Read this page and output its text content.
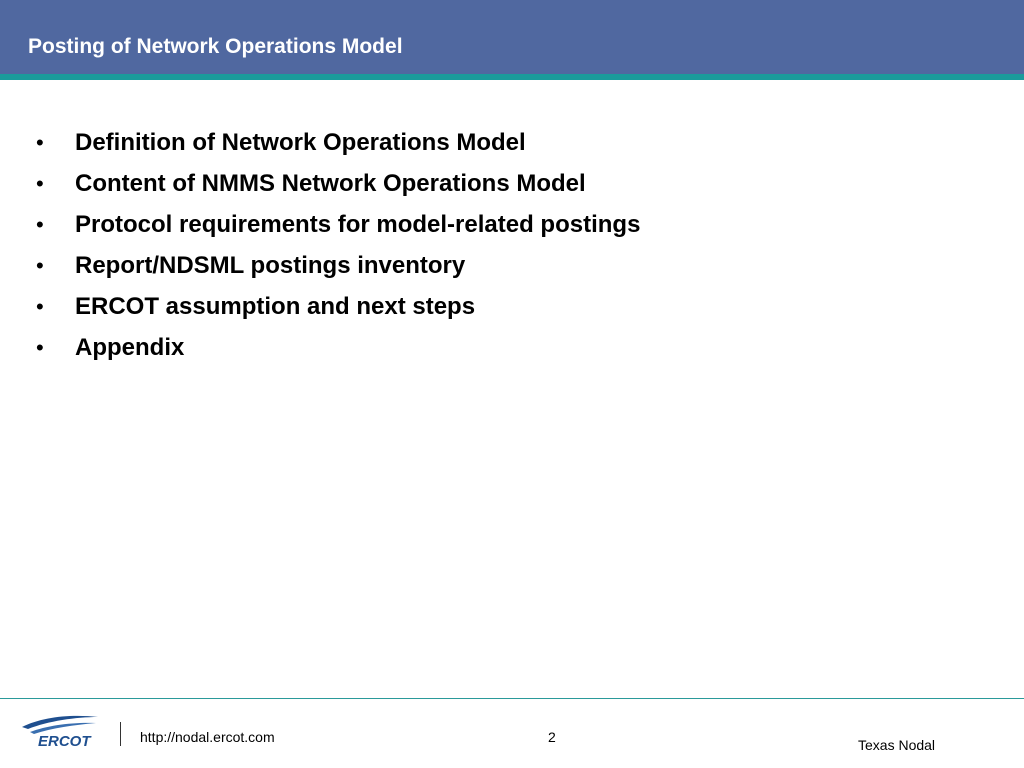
Posting of Network Operations Model
• Definition of Network Operations Model
• Content of NMMS Network Operations Model
• Protocol requirements for model-related postings
• Report/NDSML postings inventory
• ERCOT assumption and next steps
• Appendix
ERCOT	http://nodal.ercot.com	2	Texas Nodal
